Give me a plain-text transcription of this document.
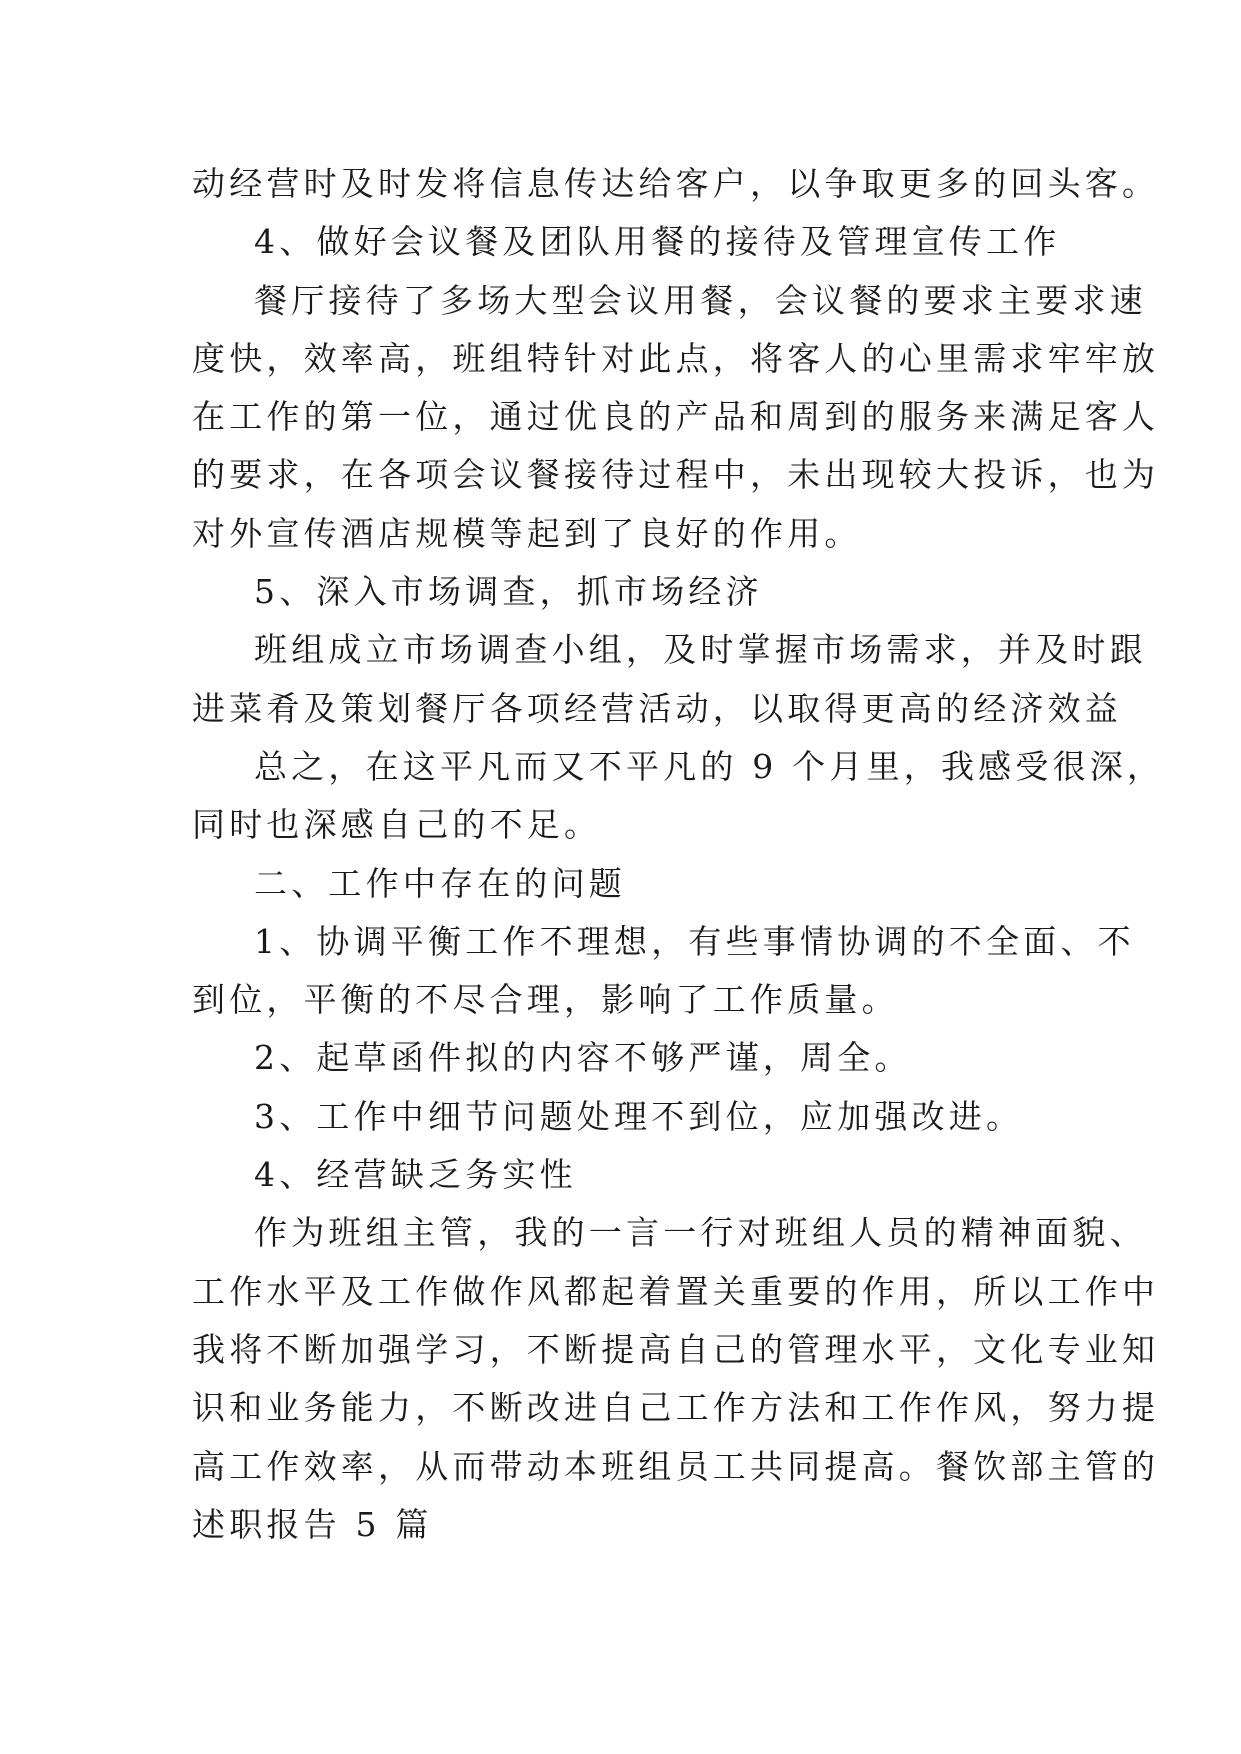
动经营时及时发将信息传达给客户，以争取更多的回头客。
4、做好会议餐及团队用餐的接待及管理宣传工作
餐厅接待了多场大型会议用餐，会议餐的要求主要求速
度快，效率高，班组特针对此点，将客人的心里需求牢牢放
在工作的第一位，通过优良的产品和周到的服务来满足客人
的要求，在各项会议餐接待过程中，未出现较大投诉，也为
对外宣传酒店规模等起到了良好的作用。
5、深入市场调查，抓市场经济
班组成立市场调查小组，及时掌握市场需求，并及时跟
进菜肴及策划餐厅各项经营活动，以取得更高的经济效益
总之，在这平凡而又不平凡的 9 个月里，我感受很深，
同时也深感自己的不足。
二、工作中存在的问题
1、协调平衡工作不理想，有些事情协调的不全面、不
到位，平衡的不尽合理，影响了工作质量。
2、起草函件拟的内容不够严谨，周全。
3、工作中细节问题处理不到位，应加强改进。
4、经营缺乏务实性
作为班组主管，我的一言一行对班组人员的精神面貌、
工作水平及工作做作风都起着置关重要的作用，所以工作中
我将不断加强学习，不断提高自己的管理水平，文化专业知
识和业务能力，不断改进自己工作方法和工作作风，努力提
高工作效率，从而带动本班组员工共同提高。餐饮部主管的
述职报告 5 篇
